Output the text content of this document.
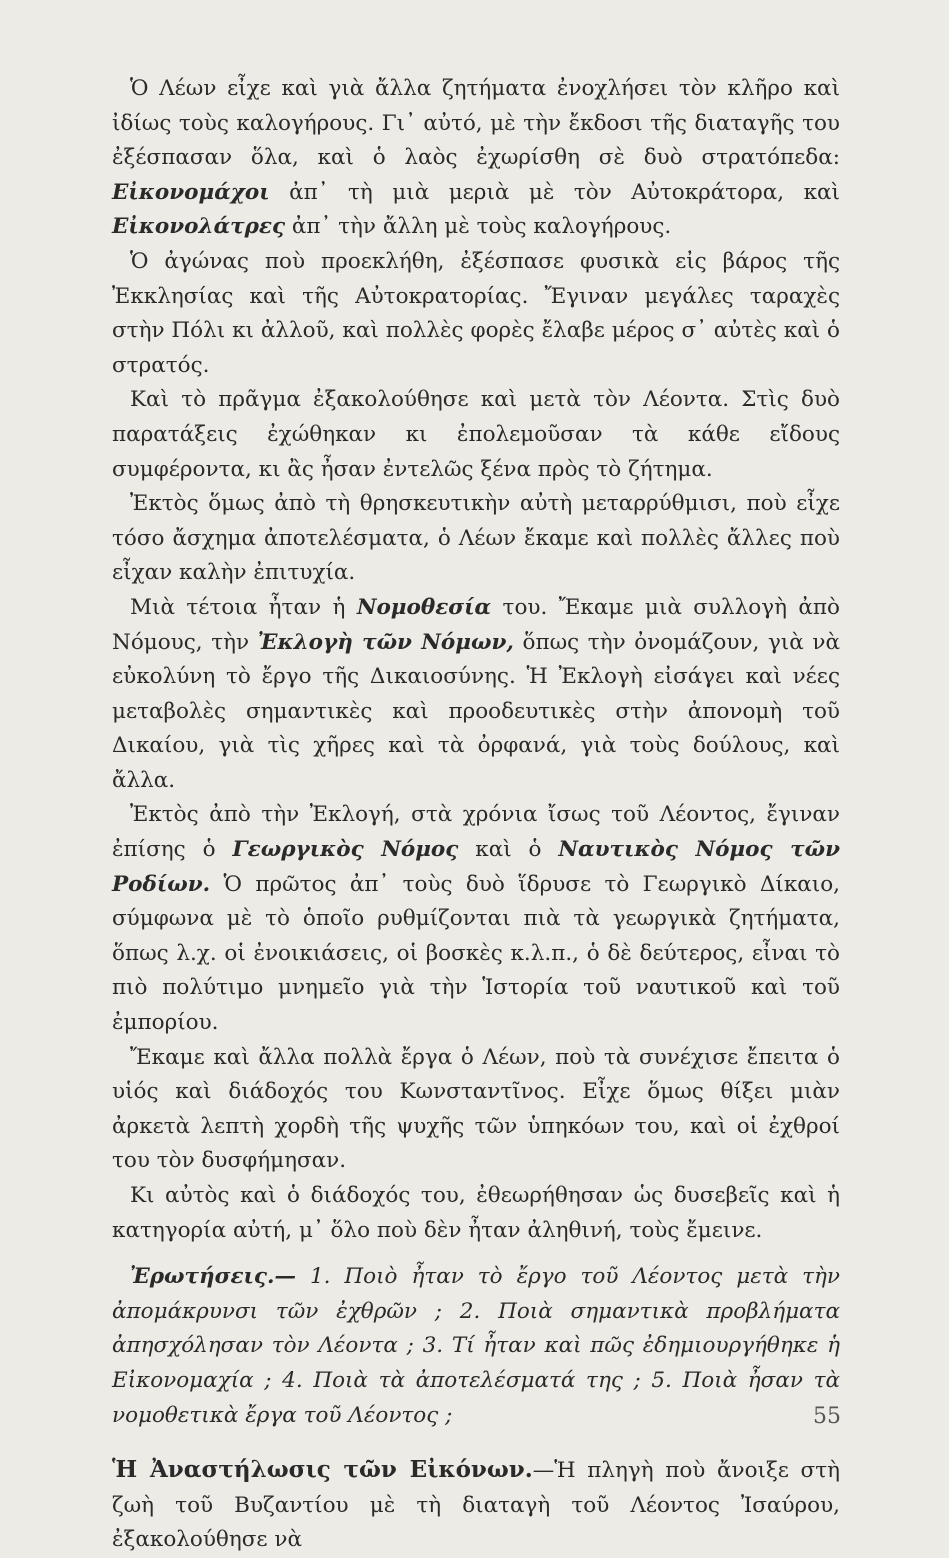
Ὁ Λέων εἶχε καὶ γιὰ ἄλλα ζητήματα ἐνοχλήσει τὸν κλῆρο καὶ ἰδίως τοὺς καλογήρους. Γι᾽ αὐτό, μὲ τὴν ἔκδοσι τῆς διαταγῆς του ἐξέσπασαν ὅλα, καὶ ὁ λαὸς ἐχωρίσθη σὲ δυὸ στρατόπεδα: Εἰκονομάχοι ἀπ᾽ τὴ μιὰ μεριὰ μὲ τὸν Αὐτοκράτορα, καὶ Εἰκονολάτρες ἀπ᾽ τὴν ἄλλη μὲ τοὺς καλογήρους.

Ὁ ἀγώνας ποὺ προεκλήθη, ἐξέσπασε φυσικὰ εἰς βάρος τῆς Ἐκκλησίας καὶ τῆς Αὐτοκρατορίας. Ἔγιναν μεγάλες ταραχὲς στὴν Πόλι κι ἀλλοῦ, καὶ πολλὲς φορὲς ἔλαβε μέρος σ᾽ αὐτὲς καὶ ὁ στρατός.

Καὶ τὸ πρᾶγμα ἐξακολούθησε καὶ μετὰ τὸν Λέοντα. Στὶς δυὸ παρατάξεις ἐχώθηκαν κι ἐπολεμοῦσαν τὰ κάθε εἴδους συμφέροντα, κι ἂς ἦσαν ἐντελῶς ξένα πρὸς τὸ ζήτημα.

Ἐκτὸς ὅμως ἀπὸ τὴ θρησκευτικὴν αὐτὴ μεταρρύθμισι, ποὺ εἶχε τόσο ἄσχημα ἀποτελέσματα, ὁ Λέων ἔκαμε καὶ πολλὲς ἄλλες ποὺ εἶχαν καλὴν ἐπιτυχία.

Μιὰ τέτοια ἦταν ἡ Νομοθεσία του. Ἔκαμε μιὰ συλλογὴ ἀπὸ Νόμους, τὴν Ἐκλογὴ τῶν Νόμων, ὅπως τὴν ὀνομάζουν, γιὰ νὰ εὐκολύνη τὸ ἔργο τῆς Δικαιοσύνης. Ἡ Ἐκλογὴ εἰσάγει καὶ νέες μεταβολὲς σημαντικὲς καὶ προοδευτικὲς στὴν ἀπονομὴ τοῦ Δικαίου, γιὰ τὶς χῆρες καὶ τὰ ὀρφανά, γιὰ τοὺς δούλους, καὶ ἄλλα.

Ἐκτὸς ἀπὸ τὴν Ἐκλογή, στὰ χρόνια ἴσως τοῦ Λέοντος, ἔγιναν ἐπίσης ὁ Γεωργικὸς Νόμος καὶ ὁ Ναυτικὸς Νόμος τῶν Ροδίων. Ὁ πρῶτος ἀπ᾽ τοὺς δυὸ ἵδρυσε τὸ Γεωργικὸ Δίκαιο, σύμφωνα μὲ τὸ ὁποῖο ρυθμίζονται πιὰ τὰ γεωργικὰ ζητήματα, ὅπως λ.χ. οἱ ἐνοικιάσεις, οἱ βοσκὲς κ.λ.π., ὁ δὲ δεύτερος, εἶναι τὸ πιὸ πολύτιμο μνημεῖο γιὰ τὴν Ἱστορία τοῦ ναυτικοῦ καὶ τοῦ ἐμπορίου.

Ἔκαμε καὶ ἄλλα πολλὰ ἔργα ὁ Λέων, ποὺ τὰ συνέχισε ἔπειτα ὁ υἱός καὶ διάδοχός του Κωνσταντῖνος. Εἶχε ὅμως θίξει μιὰν ἀρκετὰ λεπτὴ χορδὴ τῆς ψυχῆς τῶν ὑπηκόων του, καὶ οἱ ἐχθροί του τὸν δυσφήμησαν.

Κι αὐτὸς καὶ ὁ διάδοχός του, ἐθεωρήθησαν ὡς δυσεβεῖς καὶ ἡ κατηγορία αὐτή, μ᾽ ὅλο ποὺ δὲν ἦταν ἀληθινή, τοὺς ἔμεινε.

Ἐρωτήσεις.— 1. Ποιὸ ἦταν τὸ ἔργο τοῦ Λέοντος μετὰ τὴν ἀπομάκρυνσι τῶν ἐχθρῶν ; 2. Ποιὰ σημαντικὰ προβλήματα ἀπησχόλησαν τὸν Λέοντα ; 3. Τί ἦταν καὶ πῶς ἐδημιουργήθηκε ἡ Εἰκονομαχία ; 4. Ποιὰ τὰ ἀποτελέσματά της ; 5. Ποιὰ ἦσαν τὰ νομοθετικὰ ἔργα τοῦ Λέοντος ;

Ἡ Ἀναστήλωσις τῶν Εἰκόνων.—Ἡ πληγὴ ποὺ ἄνοιξε στὴ ζωὴ τοῦ Βυζαντίου μὲ τὴ διαταγὴ τοῦ Λέοντος Ἰσαύρου, ἐξακολούθησε νὰ

55
